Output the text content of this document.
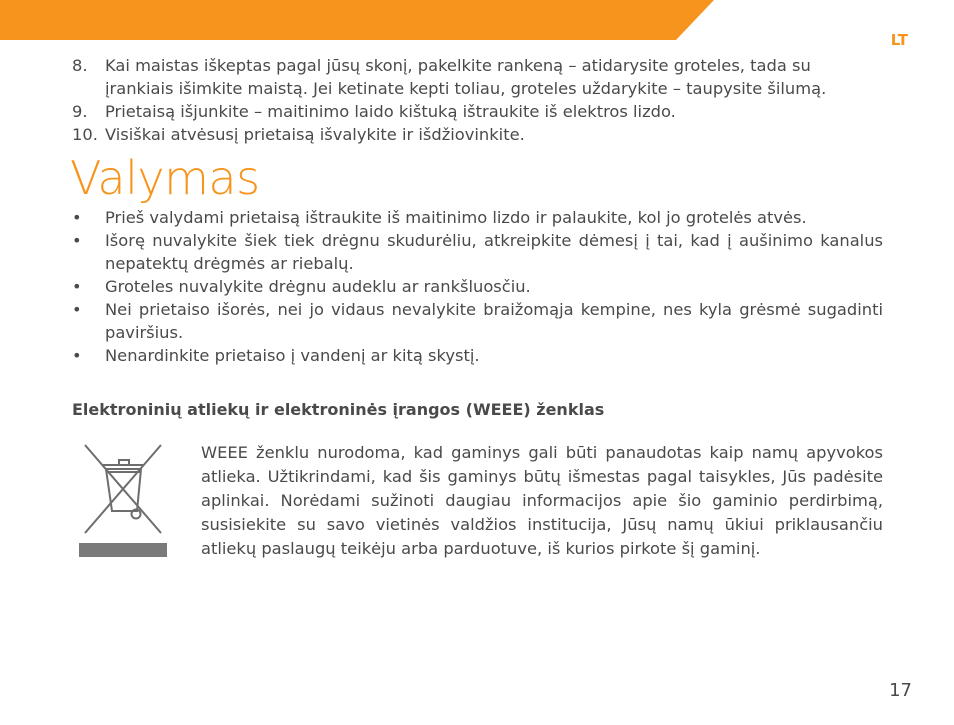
LT
8. Kai maistas iškeptas pagal jūsų skonį, pakelkite rankeną – atidarysite groteles, tada su įrankiais išimkite maistą. Jei ketinate kepti toliau, groteles uždarykite – taupysite šilumą.
9. Prietaisą išjunkite – maitinimo laido kištuką ištraukite iš elektros lizdo.
10. Visiškai atvėsusį prietaisą išvalykite ir išdžiovinkite.
Valymas
• Prieš valydami prietaisą ištraukite iš maitinimo lizdo ir palaukite, kol jo grotelės atvės.
• Išorę nuvalykite šiek tiek drėgnu skudurėliu, atkreipkite dėmesį į tai, kad į aušinimo kanalus nepatektų drėgmės ar riebalų.
• Groteles nuvalykite drėgnu audeklu ar rankšluosčiu.
• Nei prietaiso išorės, nei jo vidaus nevalykite braižomąja kempine, nes kyla grėsmė sugadinti paviršius.
• Nenardinkite prietaiso į vandenį ar kitą skystį.
Elektroninių atliekų ir elektroninės įrangos (WEEE) ženklas
WEEE ženklu nurodoma, kad gaminys gali būti panaudotas kaip namų apyvokos atlieka. Užtikrindami, kad šis gaminys būtų išmestas pagal taisykles, Jūs padėsite aplinkai. Norėdami sužinoti daugiau informacijos apie šio gaminio perdirbimą, susisiekite su savo vietinės valdžios institucija, Jūsų namų ūkiui priklausančiu atliekų paslaugų teikėju arba parduotuve, iš kurios pirkote šį gaminį.
17
